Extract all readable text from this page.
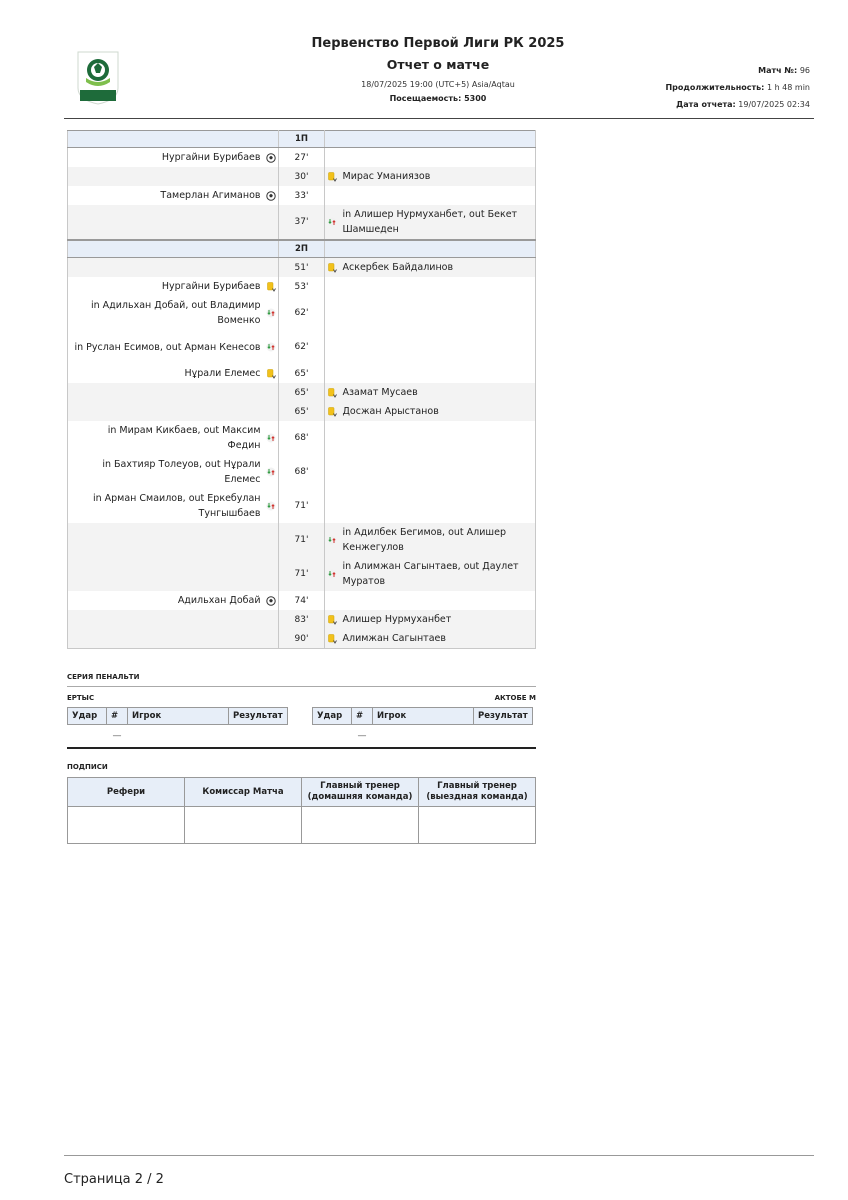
Первенство Первой Лиги РК 2025
Отчет о матче
18/07/2025 19:00 (UTC+5) Asia/Aqtau
Посещаемость: 5300
Матч №: 96
Продолжительность: 1 h 48 min
Дата отчета: 19/07/2025 02:34
		1П		
Нургайни Бурибаев		27'		
		30'		Мирас Уманиязов
Тамерлан Агиманов		33'		
		37'		in Алишер Нурмуханбет, out Бекет Шамшеден
		2П		
		51'		Аскербек Байдалинов
Нургайни Бурибаев		53'		
in Адильхан Добай, out Владимир Воменко		62'		
in Руслан Есимов, out Арман Кенесов		62'		
Нұрали Елемес		65'		
		65'		Азамат Мусаев
		65'		Досжан Арыстанов
in Мирам Кикбаев, out Максим Федин		68'		
in Бахтияр Толеуов, out Нұрали Елемес		68'		
in Арман Смаилов, out Еркебулан Тунгышбаев		71'		
		71'		in Адилбек Бегимов, out Алишер Кенжегулов
		71'		in Алимжан Сагынтаев, out Даулет Муратов
Адильхан Добай		74'		
		83'		Алишер Нурмуханбет
		90'		Алимжан Сагынтаев
СЕРИЯ ПЕНАЛЬТИ
ЕРТЫС	АКТОБЕ М
Удар	#	Игрок	Результат
	—		
Удар	#	Игрок	Результат
	—		
ПОДПИСИ
Рефери	Комиссар Матча	Главный тренер (домашняя команда)	Главный тренер (выездная команда)

Страница 2 / 2
